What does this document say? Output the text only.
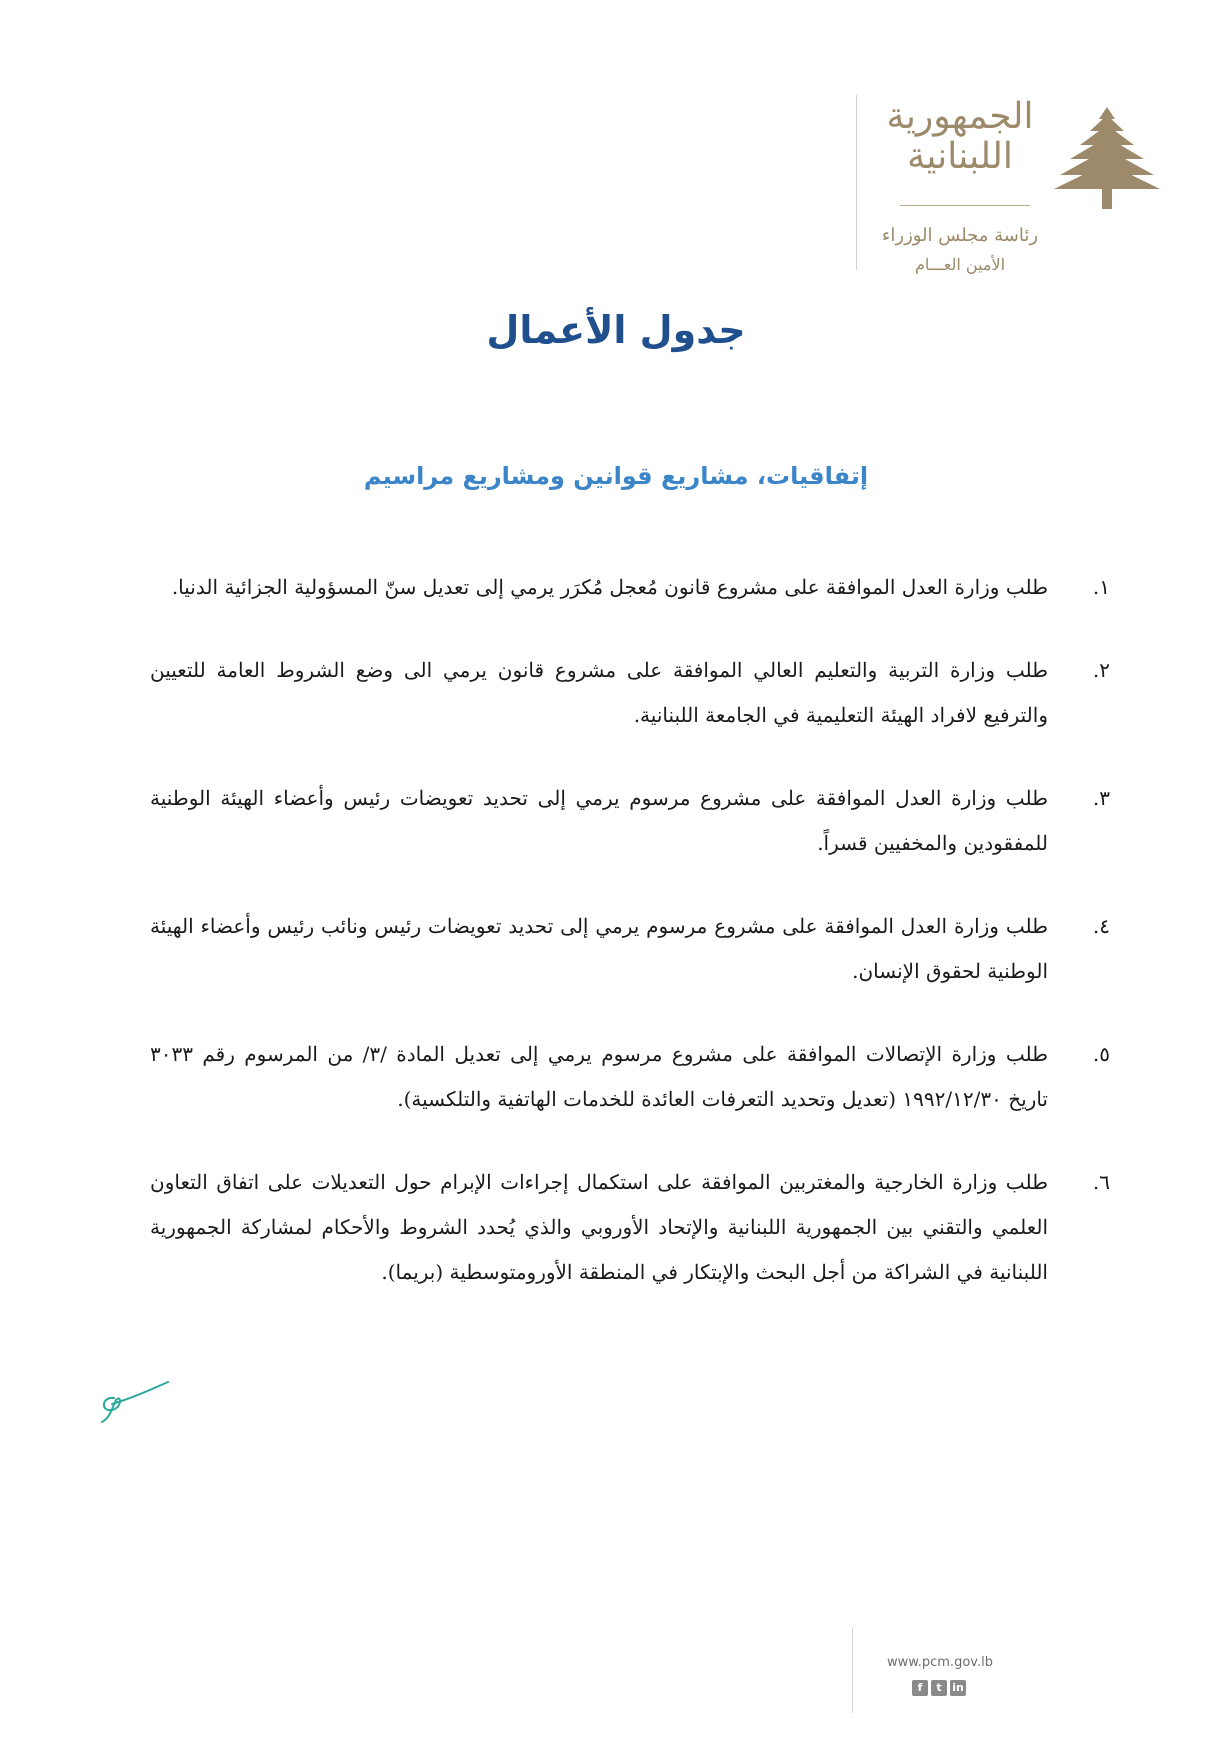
الجمهورية
اللبنانية
رئاسة مجلس الوزراء
الأمين العـــام
جدول الأعمال
إتفاقيات، مشاريع قوانين ومشاريع مراسيم
١.
طلب وزارة العدل الموافقة على مشروع قانون مُعجل مُكرَر يرمي إلى تعديل سنّ المسؤولية الجزائية الدنيا.
٢.
طلب وزارة التربية والتعليم العالي الموافقة على مشروع قانون يرمي الى وضع الشروط العامة للتعيين والترفيع لافراد الهيئة التعليمية في الجامعة اللبنانية.
٣.
طلب وزارة العدل الموافقة على مشروع مرسوم يرمي إلى تحديد تعويضات رئيس وأعضاء الهيئة الوطنية للمفقودين والمخفيين قسراً.
٤.
طلب وزارة العدل الموافقة على مشروع مرسوم يرمي إلى تحديد تعويضات رئيس ونائب رئيس وأعضاء الهيئة الوطنية لحقوق الإنسان.
٥.
طلب وزارة الإتصالات الموافقة على مشروع مرسوم يرمي إلى تعديل المادة /٣/ من المرسوم رقم ٣٠٣٣ تاريخ ١٩٩٢/١٢/٣٠ (تعديل وتحديد التعرفات العائدة للخدمات الهاتفية والتلكسية).
٦.
طلب وزارة الخارجية والمغتربين الموافقة على استكمال إجراءات الإبرام حول التعديلات على اتفاق التعاون العلمي والتقني بين الجمهورية اللبنانية والإتحاد الأوروبي والذي يُحدد الشروط والأحكام لمشاركة الجمهورية اللبنانية في الشراكة من أجل البحث والإبتكار في المنطقة الأورومتوسطية (بريما).
www.pcm.gov.lb
f	t in
